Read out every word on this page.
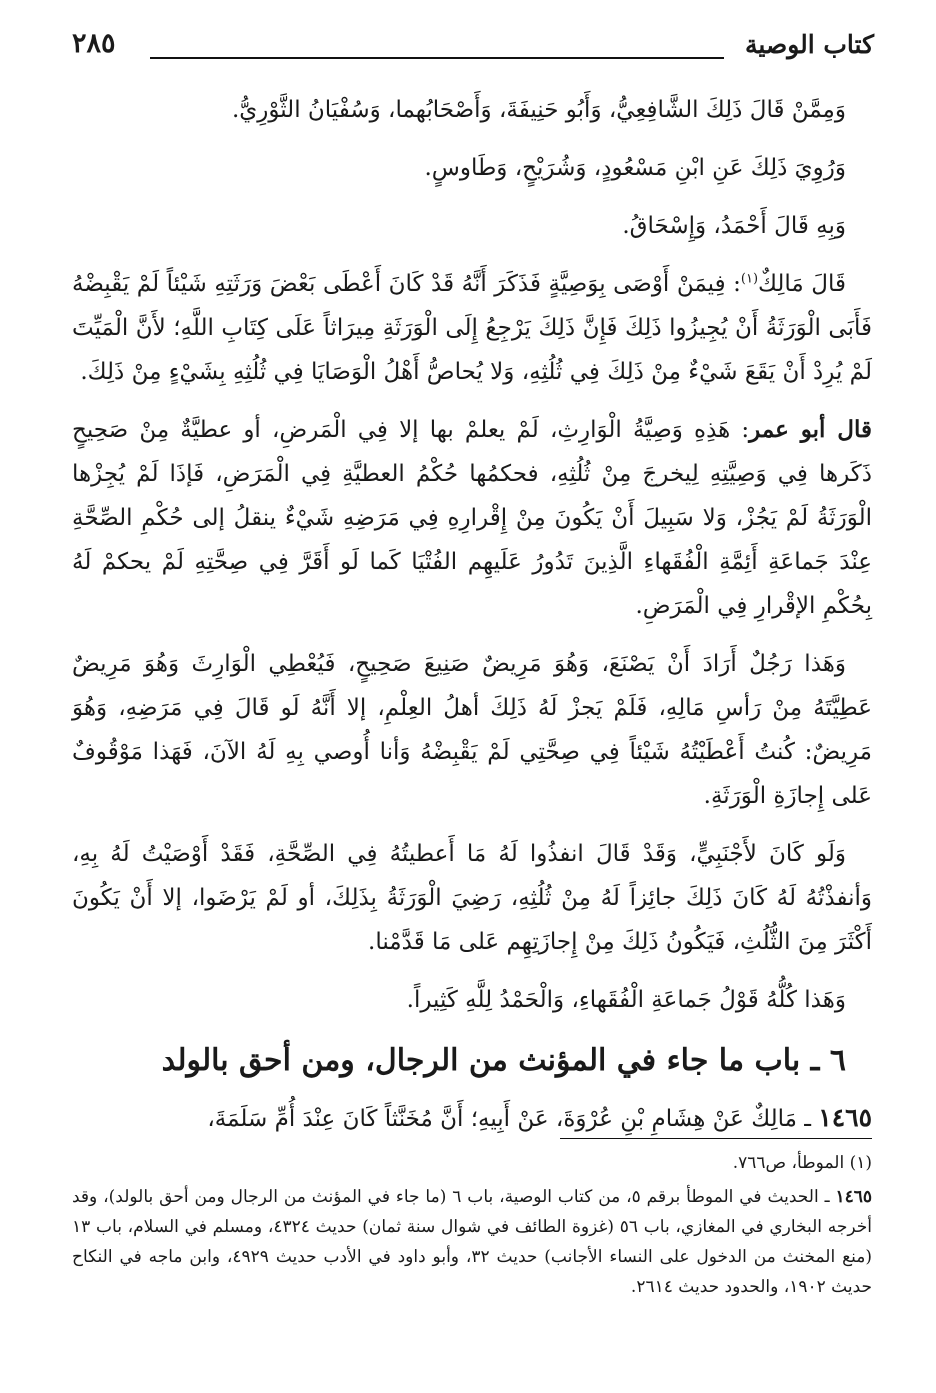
كتاب الوصية
٢٨٥

وَمِمَّنْ قَالَ ذَلِكَ الشَّافِعِيُّ، وَأَبُو حَنِيفَةَ، وَأَصْحَابُهما، وَسُفْيَانُ الثَّوْرِيُّ.

وَرُوِيَ ذَلِكَ عَنِ ابْنِ مَسْعُودٍ، وَشُرَيْحٍ، وَطَاوسٍ.

وَبِهِ قَالَ أَحْمَدُ، وَإِسْحَاقُ.

قَالَ مَالِكٌ$^{(١)}$: فِيمَنْ أَوْصَى بِوَصِيَّةٍ فَذَكَرَ أَنَّهُ قَدْ كَانَ أَعْطَى بَعْضَ وَرَثَتِهِ شَيْئاً لَمْ يَقْبِضْهُ فَأَبَى الْوَرَثَةُ أَنْ يُجِيزُوا ذَلِكَ فَإِنَّ ذَلِكَ يَرْجِعُ إِلَى الْوَرَثَةِ مِيرَاثاً عَلَى كِتَابِ اللَّهِ؛ لأَنَّ الْمَيِّتَ لَمْ يُرِدْ أَنْ يَقَعَ شَيْءٌ مِنْ ذَلِكَ فِي ثُلُثِهِ، وَلا يُحاصُّ أَهْلُ الْوَصَايَا فِي ثُلُثِهِ بِشَيْءٍ مِنْ ذَلِكَ.

قال أبو عمر: هَذِهِ وَصِيَّةُ الْوَارِثِ، لَمْ يعلمْ بها إلا فِي الْمَرضِ، أو عطيَّةٌ مِنْ صَحِيحٍ ذَكَرها فِي وَصِيَّتِهِ لِيخرجَ مِنْ ثُلُثِهِ، فحكمُها حُكْمُ العطيَّةِ فِي الْمَرَضِ، فَإذَا لَمْ يُجِزْها الْوَرَثَةُ لَمْ يَجُزْ، وَلا سَبِيلَ أَنْ يَكُونَ مِنْ إِقْرارِهِ فِي مَرَضِهِ شَيْءٌ ينقلُ إلى حُكْمِ الصِّحَّةِ عِنْدَ جَماعَةِ أَئِمَّةِ الْفُقَهاءِ الَّذِينَ تَدُورُ عَلَيهِم الفُتْيَا كَما لَو أَقَرَّ فِي صِحَّتِهِ لَمْ يحكمْ لَهُ بِحُكْمِ الإقْرارِ فِي الْمَرَضِ.

وَهَذا رَجُلٌ أَرَادَ أَنْ يَصْنَعَ، وَهُوَ مَرِيضٌ صَنِيعَ صَحِيحٍ، فَيُعْطِي الْوَارِثَ وَهُوَ مَرِيضٌ عَطِيَّتَهُ مِنْ رَأسِ مَالِهِ، فَلَمْ يَجزْ لَهُ ذَلِكَ أهلُ العِلْمِ، إلا أَنَّهُ لَو قَالَ فِي مَرَضِهِ، وَهُوَ مَرِيضٌ: كُنتُ أَعْطَيْتُهُ شَيْئاً فِي صِحَّتِي لَمْ يَقْبِضْهُ وَأنا أُوصي بِهِ لَهُ الآنَ، فَهَذا مَوْقُوفٌ عَلى إِجازَةِ الْوَرَثَةِ.

وَلَو كَانَ لأَجْنَبِيٍّ، وَقَدْ قَالَ انفذُوا لَهُ مَا أَعطيتُهُ فِي الصِّحَّةِ، فَقَدْ أَوْصَيْتُ لَهُ بِهِ، وَأنفذْتُهُ لَهُ كَانَ ذَلِكَ جائِزاً لَهُ مِنْ ثُلُثِهِ، رَضِيَ الْوَرَثَةُ بِذَلِكَ، أو لَمْ يَرْضَوا، إلا أَنْ يَكُونَ أَكْثَرَ مِنَ الثُّلُثِ، فَيَكُونُ ذَلِكَ مِنْ إِجازَتِهِم عَلى مَا قَدَّمْنا.

وَهَذا كُلُّهُ قَوْلُ جَماعَةِ الْفُقَهاءِ، وَالْحَمْدُ لِلَّهِ كَثِيراً.

٦ ـ باب ما جاء في المؤنث من الرجال، ومن أحق بالولد

١٤٦٥ ـ مَالِكٌ عَنْ هِشَامِ بْنِ عُرْوَةَ، عَنْ أَبِيهِ؛ أَنَّ مُخَنَّثاً كَانَ عِنْدَ أُمِّ سَلَمَةَ،

(١) الموطأ، ص٧٦٦.

١٤٦٥ ـ الحديث في الموطأ برقم ٥، من كتاب الوصية، باب ٦ (ما جاء في المؤنث من الرجال ومن أحق بالولد)، وقد أخرجه البخاري في المغازي، باب ٥٦ (غزوة الطائف في شوال سنة ثمان) حديث ٤٣٢٤، ومسلم في السلام، باب ١٣ (منع المخنث من الدخول على النساء الأجانب) حديث ٣٢، وأبو داود في الأدب حديث ٤٩٢٩، وابن ماجه في النكاح حديث ١٩٠٢، والحدود حديث ٢٦١٤.
